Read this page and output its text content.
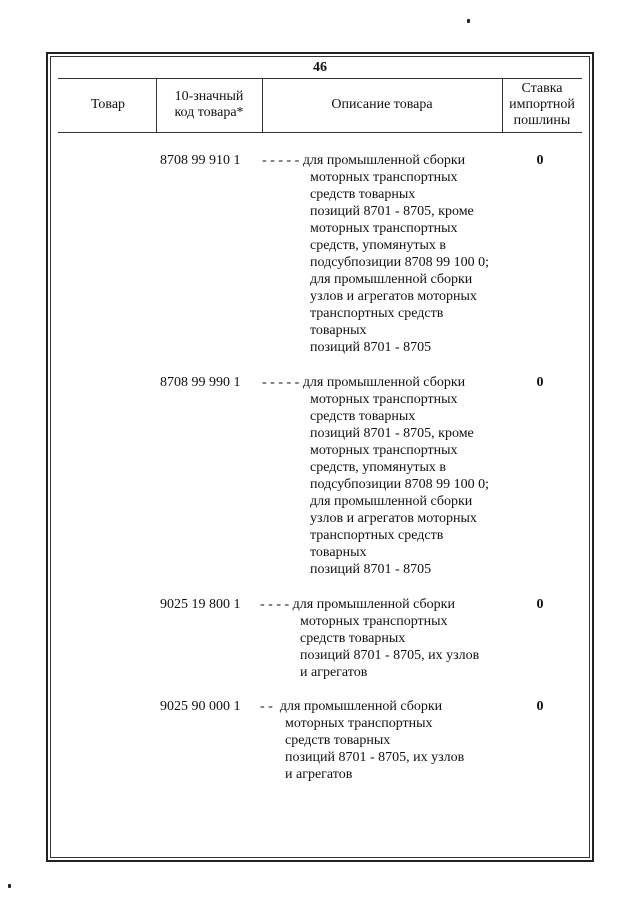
46
Товар
10-значный
код товара*
Описание товара
Ставка
импортной
пошлины
8708 99 910 1 - - - - - для промышленной сборки
моторных транспортных
средств товарных
позиций 8701 - 8705, кроме
моторных транспортных
средств, упомянутых в
подсубпозиции 8708 99 100 0;
для промышленной сборки
узлов и агрегатов моторных
транспортных средств
товарных
позиций 8701 - 8705
0
8708 99 990 1 - - - - - для промышленной сборки
моторных транспортных
средств товарных
позиций 8701 - 8705, кроме
моторных транспортных
средств, упомянутых в
подсубпозиции 8708 99 100 0;
для промышленной сборки
узлов и агрегатов моторных
транспортных средств
товарных
позиций 8701 - 8705
0
9025 19 800 1 - - - - для промышленной сборки
моторных транспортных
средств товарных
позиций 8701 - 8705, их узлов
и агрегатов
0
9025 90 000 1 - - для промышленной сборки
моторных транспортных
средств товарных
позиций 8701 - 8705, их узлов
и агрегатов
0
